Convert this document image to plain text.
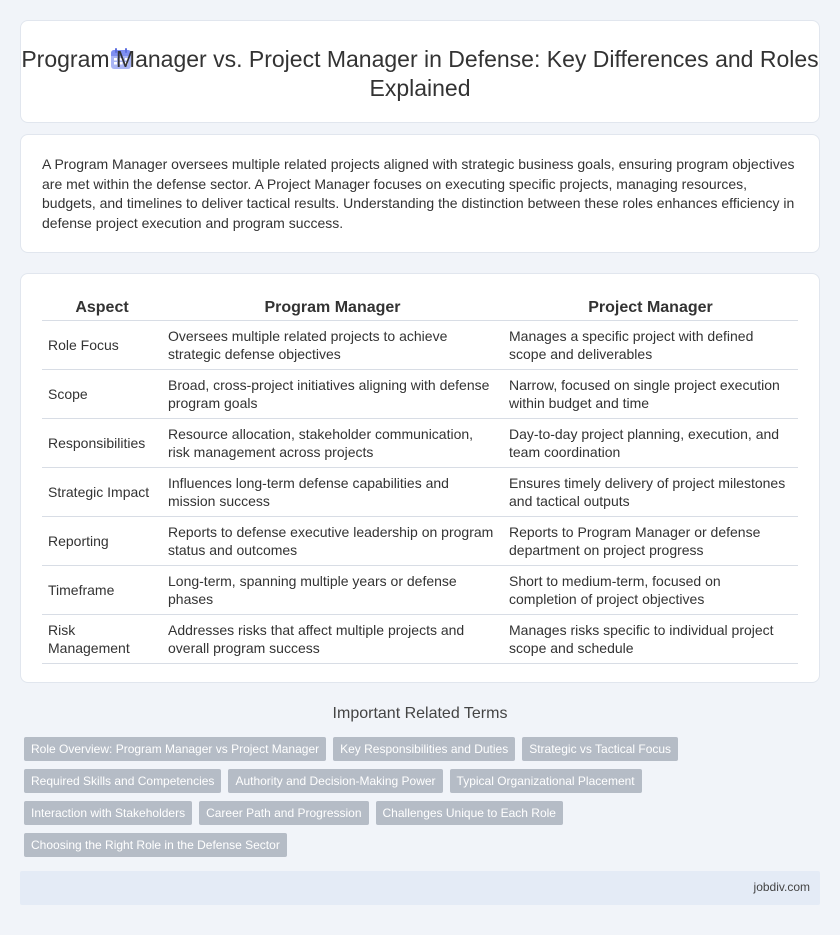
Program Manager vs. Project Manager in Defense: Key Differences and Roles Explained

A Program Manager oversees multiple related projects aligned with strategic business goals, ensuring program objectives are met within the defense sector. A Project Manager focuses on executing specific projects, managing resources, budgets, and timelines to deliver tactical results. Understanding the distinction between these roles enhances efficiency in defense project execution and program success.

Aspect	Program Manager	Project Manager
Role Focus	Oversees multiple related projects to achieve strategic defense objectives	Manages a specific project with defined scope and deliverables
Scope	Broad, cross-project initiatives aligning with defense program goals	Narrow, focused on single project execution within budget and time
Responsibilities	Resource allocation, stakeholder communication, risk management across projects	Day-to-day project planning, execution, and team coordination
Strategic Impact	Influences long-term defense capabilities and mission success	Ensures timely delivery of project milestones and tactical outputs
Reporting	Reports to defense executive leadership on program status and outcomes	Reports to Program Manager or defense department on project progress
Timeframe	Long-term, spanning multiple years or defense phases	Short to medium-term, focused on completion of project objectives
Risk Management	Addresses risks that affect multiple projects and overall program success	Manages risks specific to individual project scope and schedule
Important Related Terms
Role Overview: Program Manager vs Project Manager	Key Responsibilities and Duties	Strategic vs Tactical Focus
Required Skills and Competencies	Authority and Decision-Making Power	Typical Organizational Placement
Interaction with Stakeholders	Career Path and Progression	Challenges Unique to Each Role
Choosing the Right Role in the Defense Sector
jobdiv.com
